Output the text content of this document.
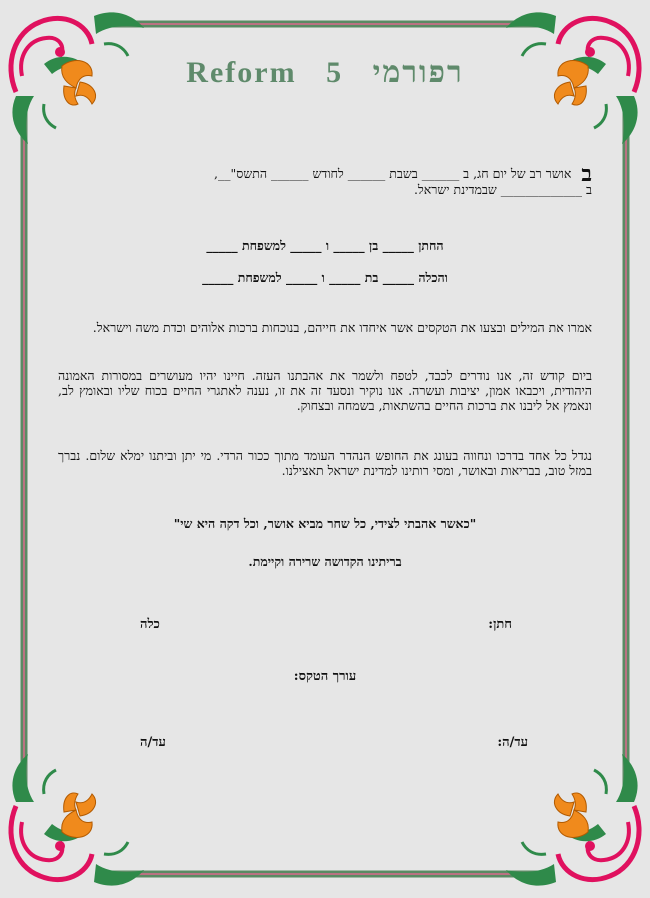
Reform 5 רפורמי

ב אושר רב של יום חג, ב ______ בשבת ______ לחודש ______ התשס"__,

ב _____________ שבמדינת ישראל.

החתן _____ בן _____ ו _____ למשפחת _____

והכלה _____ בת _____ ו _____ למשפחת _____

אמרו את המילים ובצעו את הטקסים אשר איחדו את חייהם, בנוכחות ברכות אלוהים וכדת משה וישראל.

ביום קודש זה, אנו נודרים לכבד, לטפח ולשמר את אהבתנו העזה. חיינו יהיו מעושרים במסורות האמונה היהודית, ויכבאו אמון, יציבות ועשרה. אנו נוקיר ונסעד זה את זו, נענה לאתגרי החיים בכוח שליו ובאומץ לב, ונאמץ אל ליבנו את ברכות החיים בהשתאות, בשמחה ובצחוק.

נגדל כל אחד בדרכו ונחווה בעונג את החופש הנהדר העומד מתוך ככור הרדי. מי יתן וביתנו ימלא שלום. נברך במזל טוב, בבריאות ובאושר, ומסי רותינו למדינת ישראל תאצילנו.

"כאשר אהבתי לצידי, כל שחר מביא אושר, וכל דקה היא שי"

בריתינו הקדושה שרירה וקיימת.

חתן:
כלה
עורך הטקס:
עד/ה:
עד/ה
